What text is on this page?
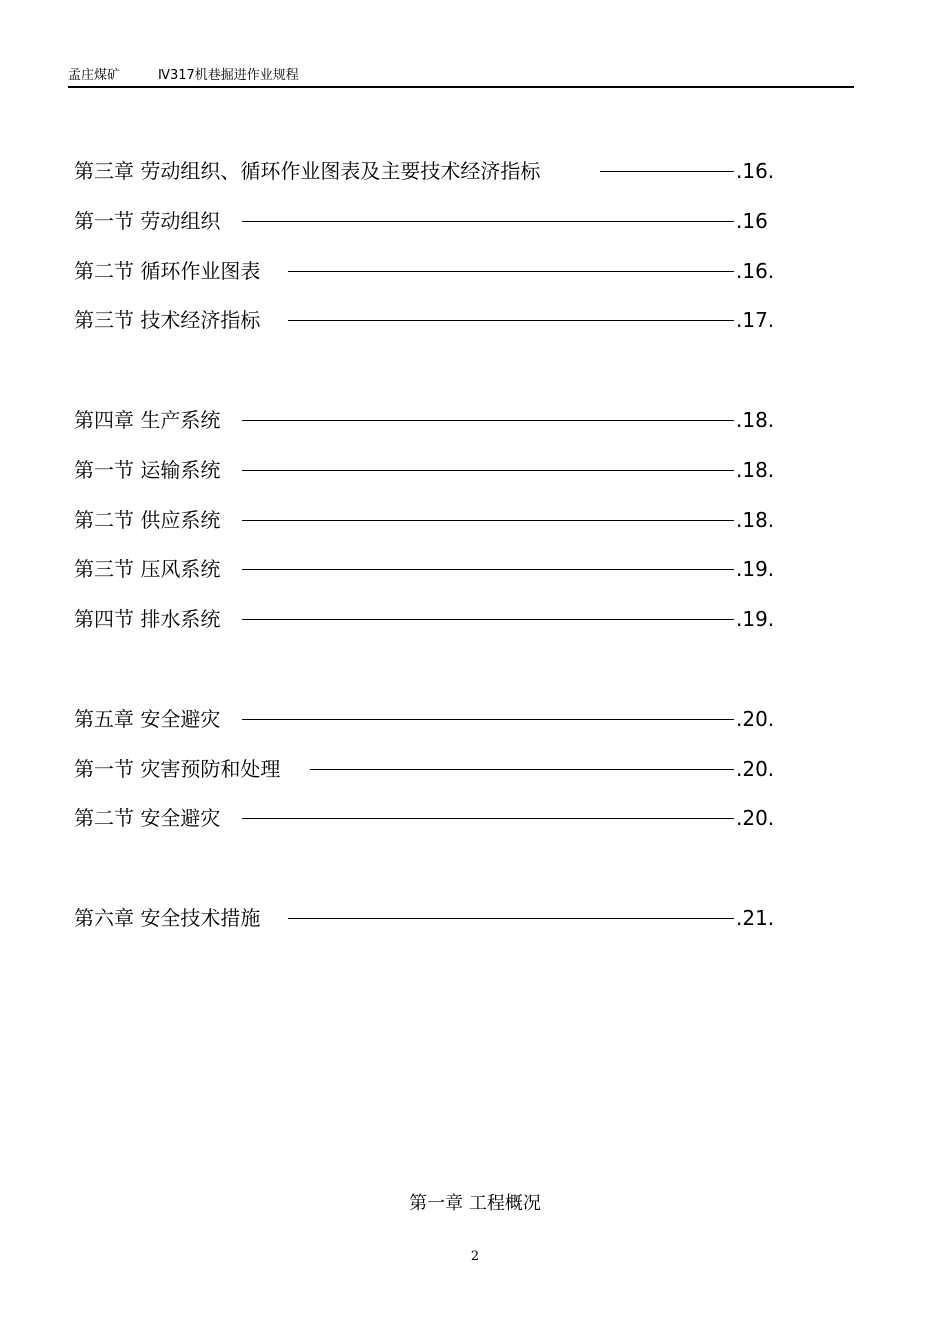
孟庄煤矿	Ⅳ317机巷掘进作业规程
第三章 劳动组织、循环作业图表及主要技术经济指标	.16.
第一节 劳动组织	.16
第二节 循环作业图表	.16.
第三节 技术经济指标	.17.
第四章 生产系统	.18.
第一节 运输系统	.18.
第二节 供应系统	.18.
第三节 压风系统	.19.
第四节 排水系统	.19.
第五章 安全避灾	.20.
第一节 灾害预防和处理	.20.
第二节 安全避灾	.20.
第六章 安全技术措施	.21.
第一章 工程概况
2
